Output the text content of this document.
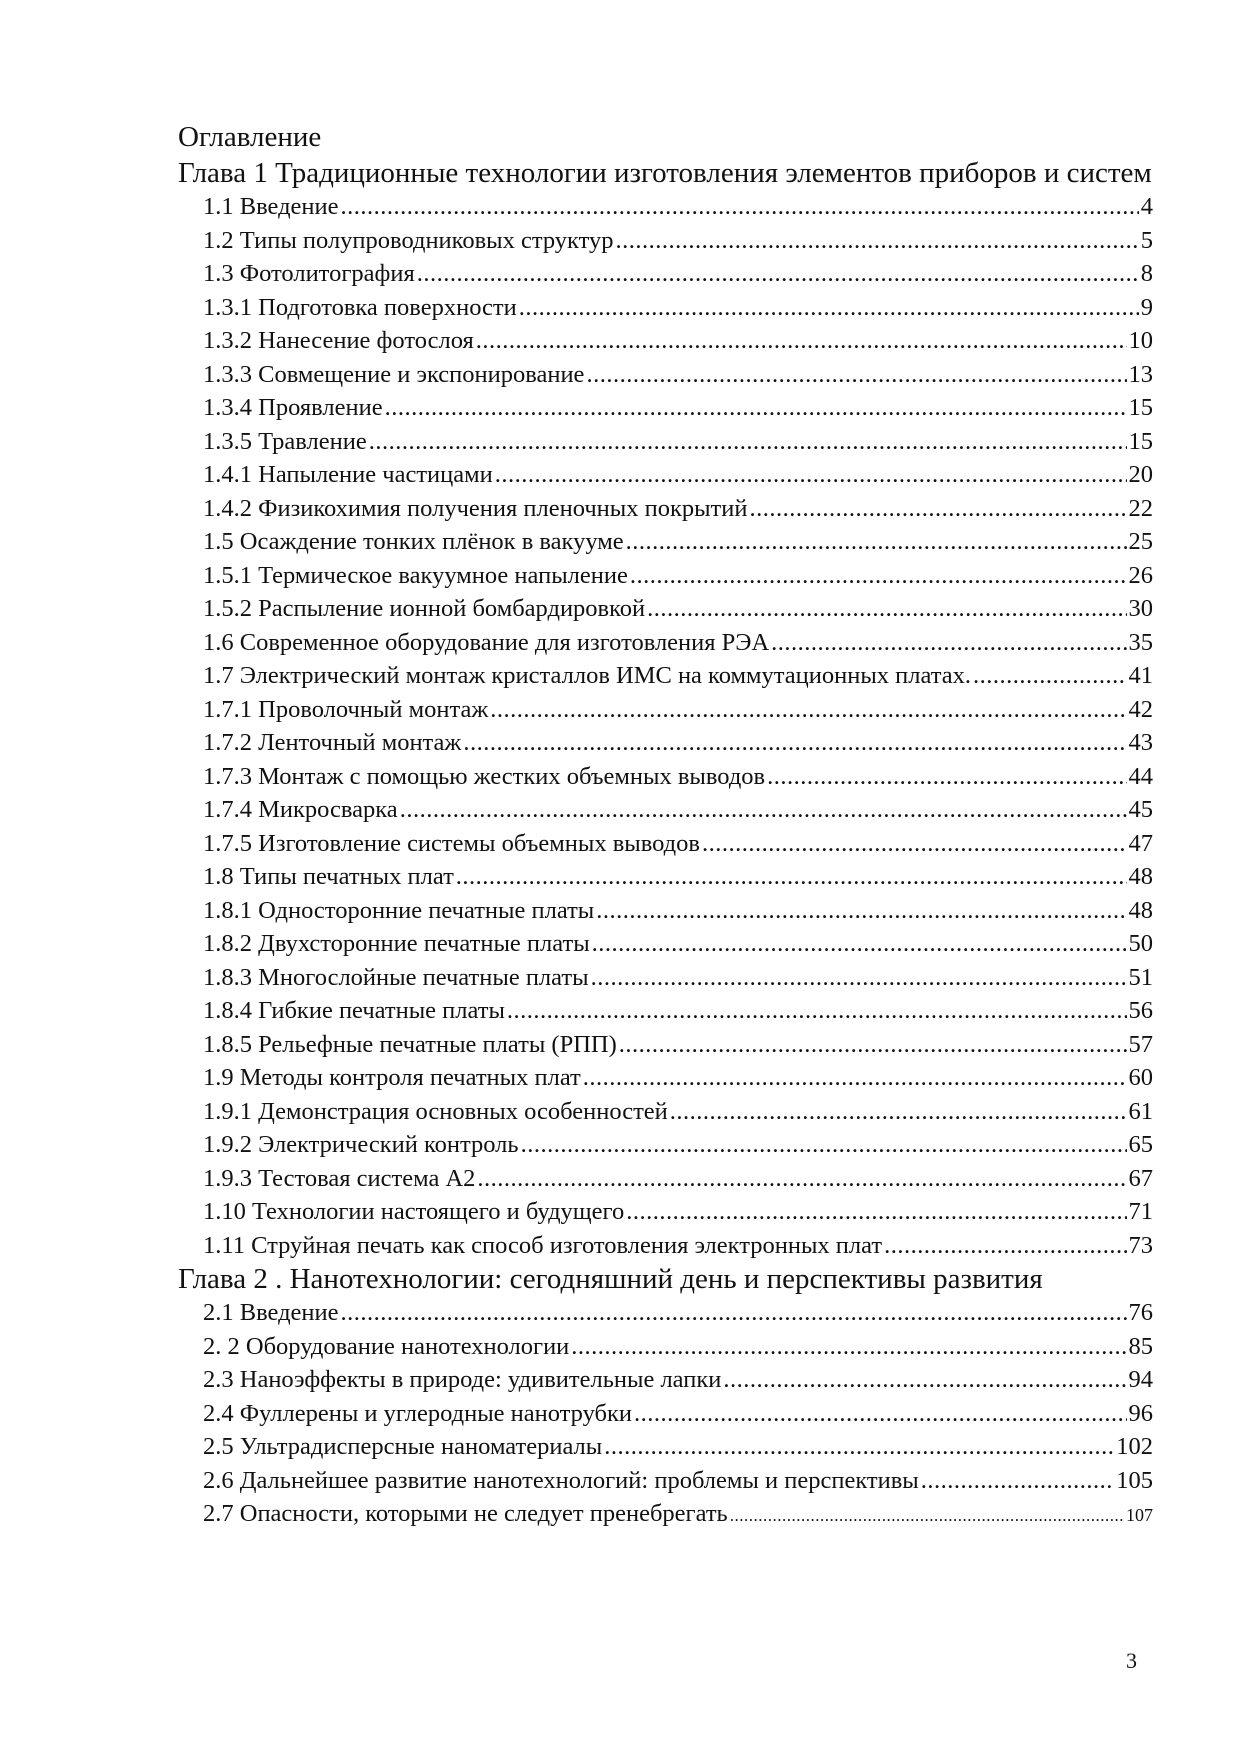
Оглавление
Глава 1 Традиционные технологии изготовления элементов приборов и систем
1.1 Введение .....	4
1.2 Типы полупроводниковых структур .....	5
1.3 Фотолитография .....	8
1.3.1 Подготовка поверхности .....	9
1.3.2 Нанесение фотослоя .....	10
1.3.3 Совмещение и экспонирование .....	13
1.3.4 Проявление .....	15
1.3.5 Травление .....	15
1.4.1 Напыление частицами .....	20
1.4.2 Физикохимия получения пленочных покрытий .....	22
1.5 Осаждение тонких плёнок в вакууме .....	25
1.5.1 Термическое вакуумное напыление .....	26
1.5.2 Распыление ионной бомбардировкой .....	30
1.6 Современное оборудование для изготовления РЭА .....	35
1.7 Электрический монтаж кристаллов ИМС на коммутационных платах. .....	41
1.7.1 Проволочный монтаж .....	42
1.7.2 Ленточный монтаж .....	43
1.7.3 Монтаж с помощью жестких объемных выводов .....	44
1.7.4 Микросварка .....	45
1.7.5 Изготовление системы объемных выводов .....	47
1.8 Типы печатных плат .....	48
1.8.1 Односторонние печатные платы .....	48
1.8.2 Двухсторонние печатные платы .....	50
1.8.3 Многослойные печатные платы .....	51
1.8.4 Гибкие печатные платы .....	56
1.8.5 Рельефные печатные платы (РПП) .....	57
1.9 Методы контроля печатных плат .....	60
1.9.1 Демонстрация основных особенностей .....	61
1.9.2 Электрический контроль .....	65
1.9.3 Тестовая система А2 .....	67
1.10 Технологии настоящего и будущего .....	71
1.11 Струйная печать как способ изготовления электронных плат .....	73
Глава 2 . Нанотехнологии: сегодняшний день и перспективы развития
2.1 Введение .....	76
2. 2 Оборудование нанотехнологии .....	85
2.3 Наноэффекты в природе: удивительные лапки .....	94
2.4 Фуллерены и углеродные нанотрубки .....	96
2.5 Ультрадисперсные наноматериалы .....	102
2.6 Дальнейшее развитие нанотехнологий: проблемы и перспективы .....	105
2.7 Опасности, которыми не следует пренебрегать .....	107
3
